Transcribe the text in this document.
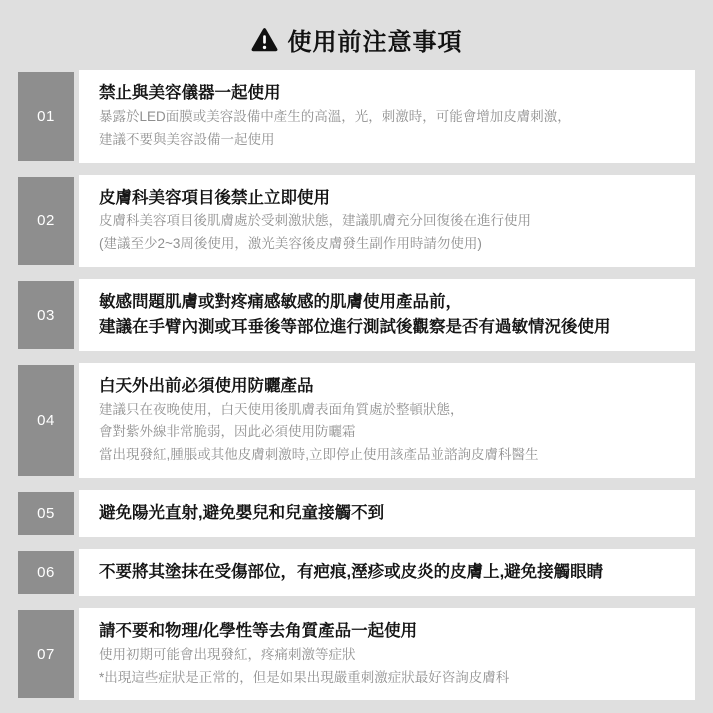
使用前注意事項
01
禁止與美容儀器一起使用
暴露於LED面膜或美容設備中產生的高溫，光，刺激時，可能會增加皮膚刺激，
建議不要與美容設備一起使用
02
皮膚科美容項目後禁止立即使用
皮膚科美容項目後肌膚處於受刺激狀態，建議肌膚充分回復後在進行使用
(建議至少2~3周後使用，激光美容後皮膚發生副作用時請勿使用)
03
敏感問題肌膚或對疼痛感敏感的肌膚使用產品前，
建議在手臂內測或耳垂後等部位進行測試後觀察是否有過敏情況後使用
04
白天外出前必須使用防曬產品
建議只在夜晚使用，白天使用後肌膚表面角質處於整頓狀態，
會對紫外線非常脆弱，因此必須使用防曬霜
當出現發紅,腫脹或其他皮膚刺激時,立即停止使用該產品並諮詢皮膚科醫生
05	避免陽光直射,避免嬰兒和兒童接觸不到
06	不要將其塗抹在受傷部位，有疤痕,溼疹或皮炎的皮膚上,避免接觸眼睛
07
請不要和物理/化學性等去角質產品一起使用
使用初期可能會出現發紅，疼痛刺激等症狀
*出現這些症狀是正常的，但是如果出現嚴重刺激症狀最好咨詢皮膚科
